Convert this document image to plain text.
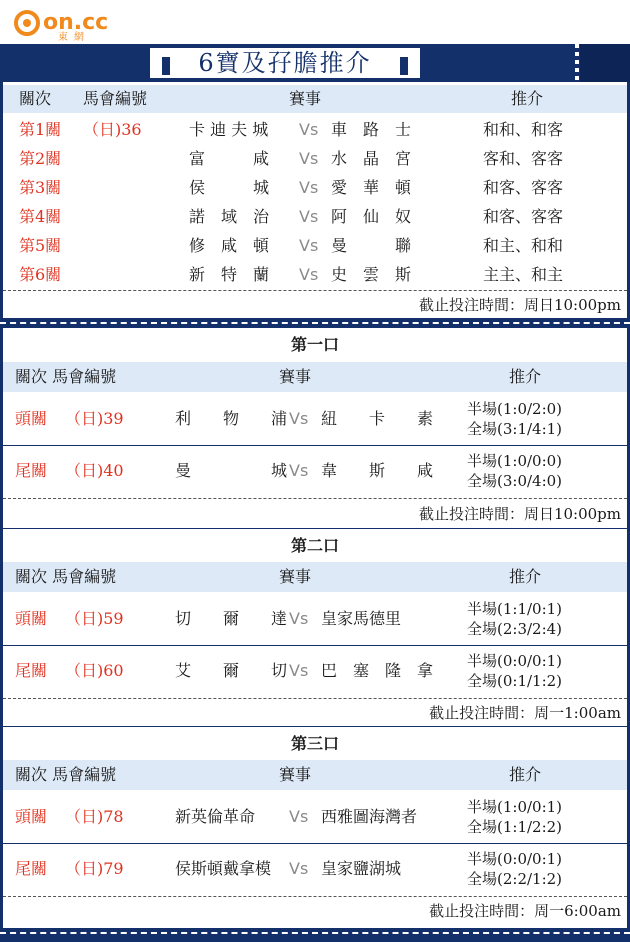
on.cc
東網
6寶及孖膽推介
關次 馬會編號	賽事	推介
第1關 （日)36	卡 迪 夫 城 Vs 車　路　士	和和、和客
第2關	富　　　咸 Vs 水　晶　宮	客和、客客
第3關	侯　　　城 Vs 愛　華　頓	和客、客客
第4關	諾　域　治 Vs 阿　仙　奴	和客、客客
第5關	修　咸　頓 Vs 曼　　　聯	和主、和和
第6關	新　特　蘭 Vs 史　雲　斯	主主、和主
截止投注時間：周日10:00pm
第一口
關次 馬會編號	賽事	推介
頭關 （日)39	利　　物　　浦 Vs 紐　　卡　　素 半場(1:0/2:0)
全場(3:1/4:1)
尾關 （日)40	曼　　　　　城 Vs 韋　　斯　　咸 半場(1:0/0:0)
全場(3:0/4:0)
截止投注時間：周日10:00pm
第二口
關次 馬會編號	賽事	推介
頭關 （日)59	切　　爾　　達 Vs 皇家馬德里	半場(1:1/0:1)
全場(2:3/2:4)
尾關 （日)60	艾　　爾　　切 Vs 巴　塞　隆　拿 半場(0:0/0:1)
全場(0:1/1:2)
截止投注時間：周一1:00am
第三口
關次 馬會編號	賽事	推介
頭關 （日)78	新英倫革命 Vs 西雅圖海灣者	半場(1:0/0:1)
全場(1:1/2:2)
尾關 （日)79	侯斯頓戴拿模 Vs 皇家鹽湖城	半場(0:0/0:1)
全場(2:2/1:2)
截止投注時間：周一6:00am
